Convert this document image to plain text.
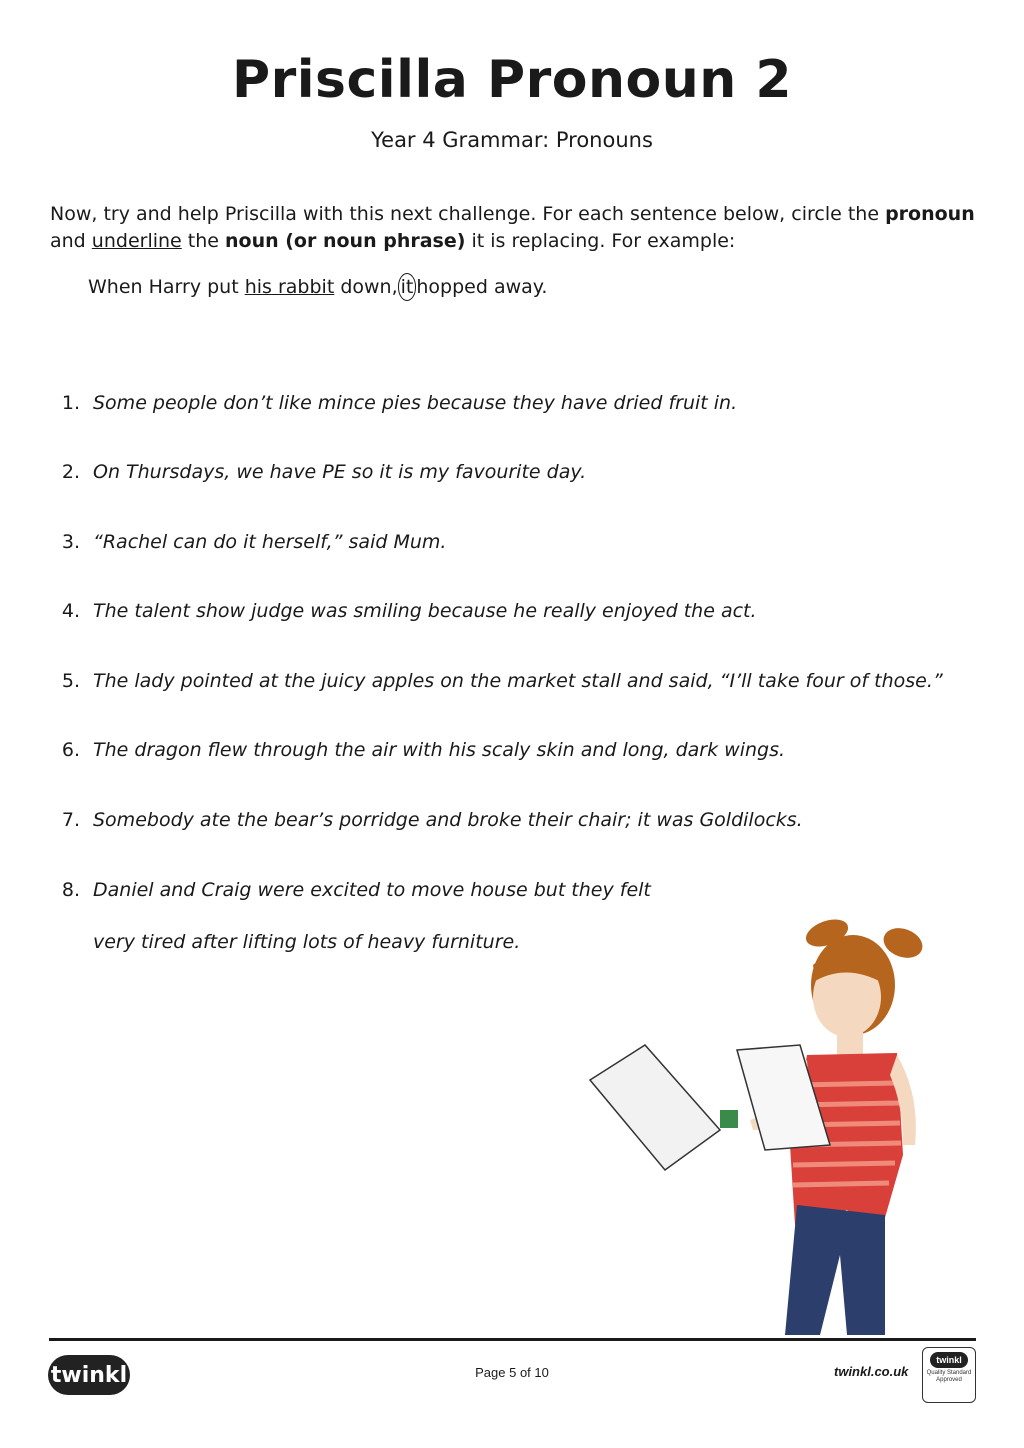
Priscilla Pronoun 2
Year 4 Grammar: Pronouns
Now, try and help Priscilla with this next challenge. For each sentence below, circle the pronoun
and underline the noun (or noun phrase) it is replacing. For example:
When Harry put his rabbit down, it hopped away.
1. Some people don’t like mince pies because they have dried fruit in.
2. On Thursdays, we have PE so it is my favourite day.
3. “Rachel can do it herself,” said Mum.
4. The talent show judge was smiling because he really enjoyed the act.
5. The lady pointed at the juicy apples on the market stall and said, “I’ll take four of those.”
6. The dragon flew through the air with his scaly skin and long, dark wings.
7. Somebody ate the bear’s porridge and broke their chair; it was Goldilocks.
8. Daniel and Craig were excited to move house but they felt
very tired after lifting lots of heavy furniture.
twinkl	Page 5 of 10	twinkl.co.uk
twinkl
Quality Standard
Approved
